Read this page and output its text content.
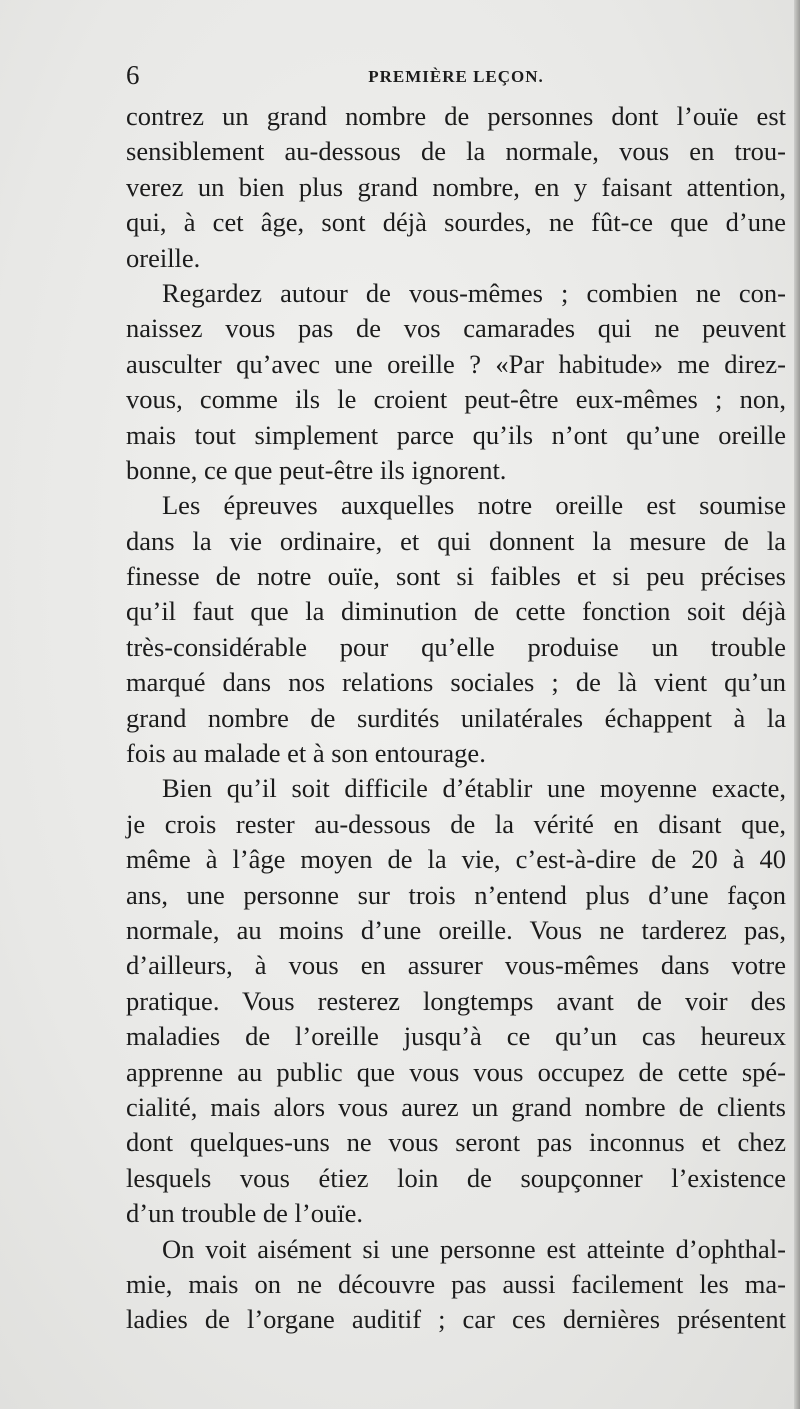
6	PREMIÈRE LEÇON.
contrez un grand nombre de personnes dont l’ouïe est
sensiblement au-dessous de la normale, vous en trou-
verez un bien plus grand nombre, en y faisant attention,
qui, à cet âge, sont déjà sourdes, ne fût-ce que d’une
oreille.
Regardez autour de vous-mêmes ; combien ne con-
naissez vous pas de vos camarades qui ne peuvent
ausculter qu’avec une oreille ? «Par habitude» me direz-
vous, comme ils le croient peut-être eux-mêmes ; non,
mais tout simplement parce qu’ils n’ont qu’une oreille
bonne, ce que peut-être ils ignorent.
Les épreuves auxquelles notre oreille est soumise
dans la vie ordinaire, et qui donnent la mesure de la
finesse de notre ouïe, sont si faibles et si peu précises
qu’il faut que la diminution de cette fonction soit déjà
très-considérable pour qu’elle produise un trouble
marqué dans nos relations sociales ; de là vient qu’un
grand nombre de surdités unilatérales échappent à la
fois au malade et à son entourage.
Bien qu’il soit difficile d’établir une moyenne exacte,
je crois rester au-dessous de la vérité en disant que,
même à l’âge moyen de la vie, c’est-à-dire de 20 à 40
ans, une personne sur trois n’entend plus d’une façon
normale, au moins d’une oreille. Vous ne tarderez pas,
d’ailleurs, à vous en assurer vous-mêmes dans votre
pratique. Vous resterez longtemps avant de voir des
maladies de l’oreille jusqu’à ce qu’un cas heureux
apprenne au public que vous vous occupez de cette spé-
cialité, mais alors vous aurez un grand nombre de clients
dont quelques-uns ne vous seront pas inconnus et chez
lesquels vous étiez loin de soupçonner l’existence
d’un trouble de l’ouïe.
On voit aisément si une personne est atteinte d’ophthal-
mie, mais on ne découvre pas aussi facilement les ma-
ladies de l’organe auditif ; car ces dernières présentent
